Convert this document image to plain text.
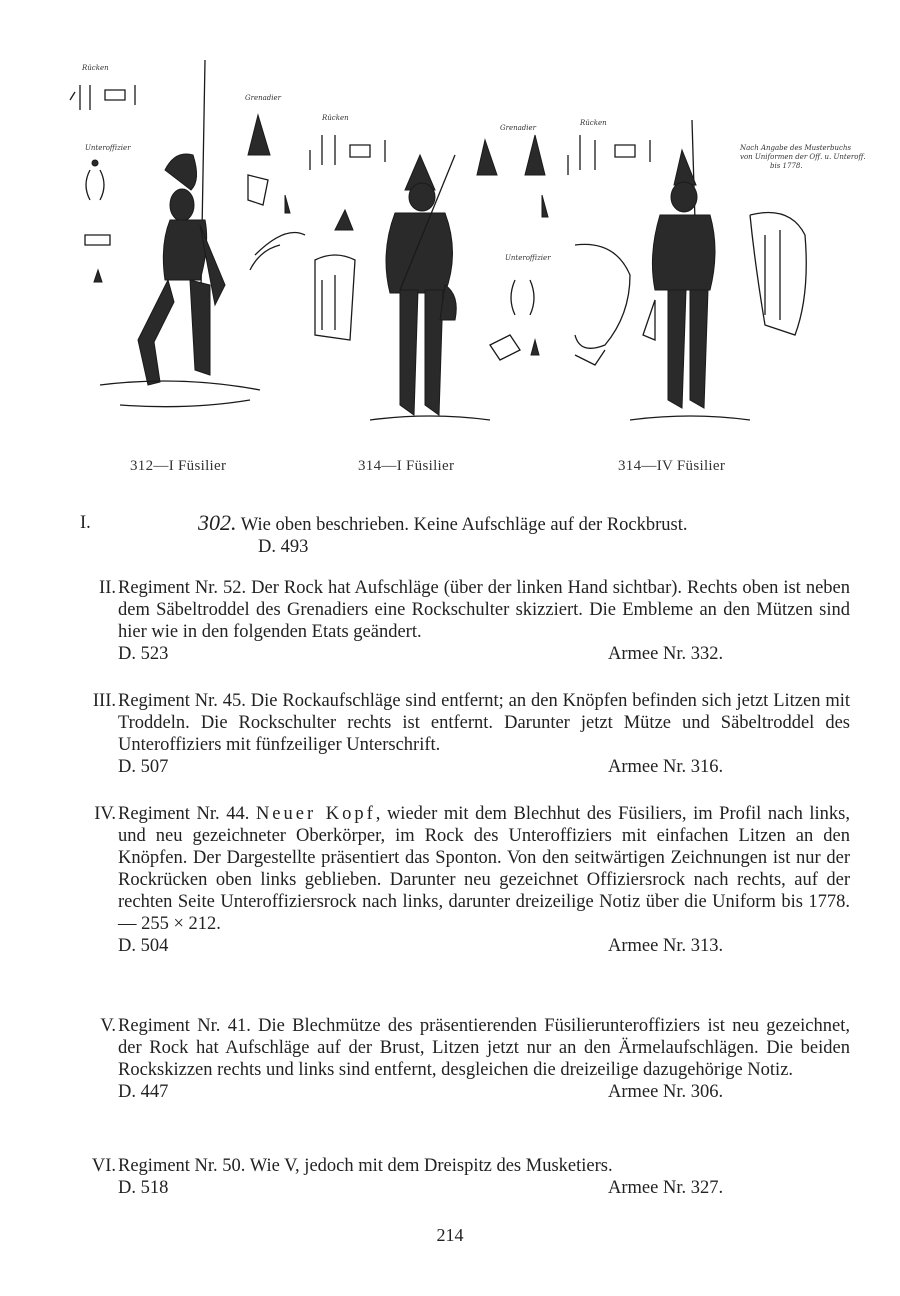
Rücken
Unteroffizier
Grenadier
Rücken
Grenadier
Unteroffizier
Rücken
Nach Angabe des Musterbuchs von Uniformen der Off. u. Unteroff. bis 1778.
312—I Füsilier	314—I Füsilier	314—IV Füsilier
I.	302. Wie oben beschrieben. Keine Aufschläge auf der Rockbrust.
D. 493
II. Regiment Nr. 52. Der Rock hat Aufschläge (über der linken Hand sichtbar). Rechts oben ist neben dem Säbeltroddel des Grenadiers eine Rockschulter skizziert. Die Embleme an den Mützen sind hier wie in den folgenden Etats geändert.
D. 523	Armee Nr. 332.
III. Regiment Nr. 45. Die Rockaufschläge sind entfernt; an den Knöpfen befinden sich jetzt Litzen mit Troddeln. Die Rockschulter rechts ist entfernt. Darunter jetzt Mütze und Säbeltroddel des Unteroffiziers mit fünfzeiliger Unterschrift.
D. 507	Armee Nr. 316.
IV. Regiment Nr. 44. Neuer Kopf, wieder mit dem Blechhut des Füsiliers, im Profil nach links, und neu gezeichneter Oberkörper, im Rock des Unteroffiziers mit einfachen Litzen an den Knöpfen. Der Dargestellte präsentiert das Sponton. Von den seitwärtigen Zeichnungen ist nur der Rockrücken oben links geblieben. Darunter neu gezeichnet Offiziersrock nach rechts, auf der rechten Seite Unteroffiziersrock nach links, darunter dreizeilige Notiz über die Uniform bis 1778. — 255 × 212.
D. 504	Armee Nr. 313.
V. Regiment Nr. 41. Die Blechmütze des präsentierenden Füsilierunteroffiziers ist neu gezeichnet, der Rock hat Aufschläge auf der Brust, Litzen jetzt nur an den Ärmelaufschlägen. Die beiden Rockskizzen rechts und links sind entfernt, desgleichen die dreizeilige dazugehörige Notiz.
D. 447	Armee Nr. 306.
VI. Regiment Nr. 50. Wie V, jedoch mit dem Dreispitz des Musketiers.
D. 518	Armee Nr. 327.
214
